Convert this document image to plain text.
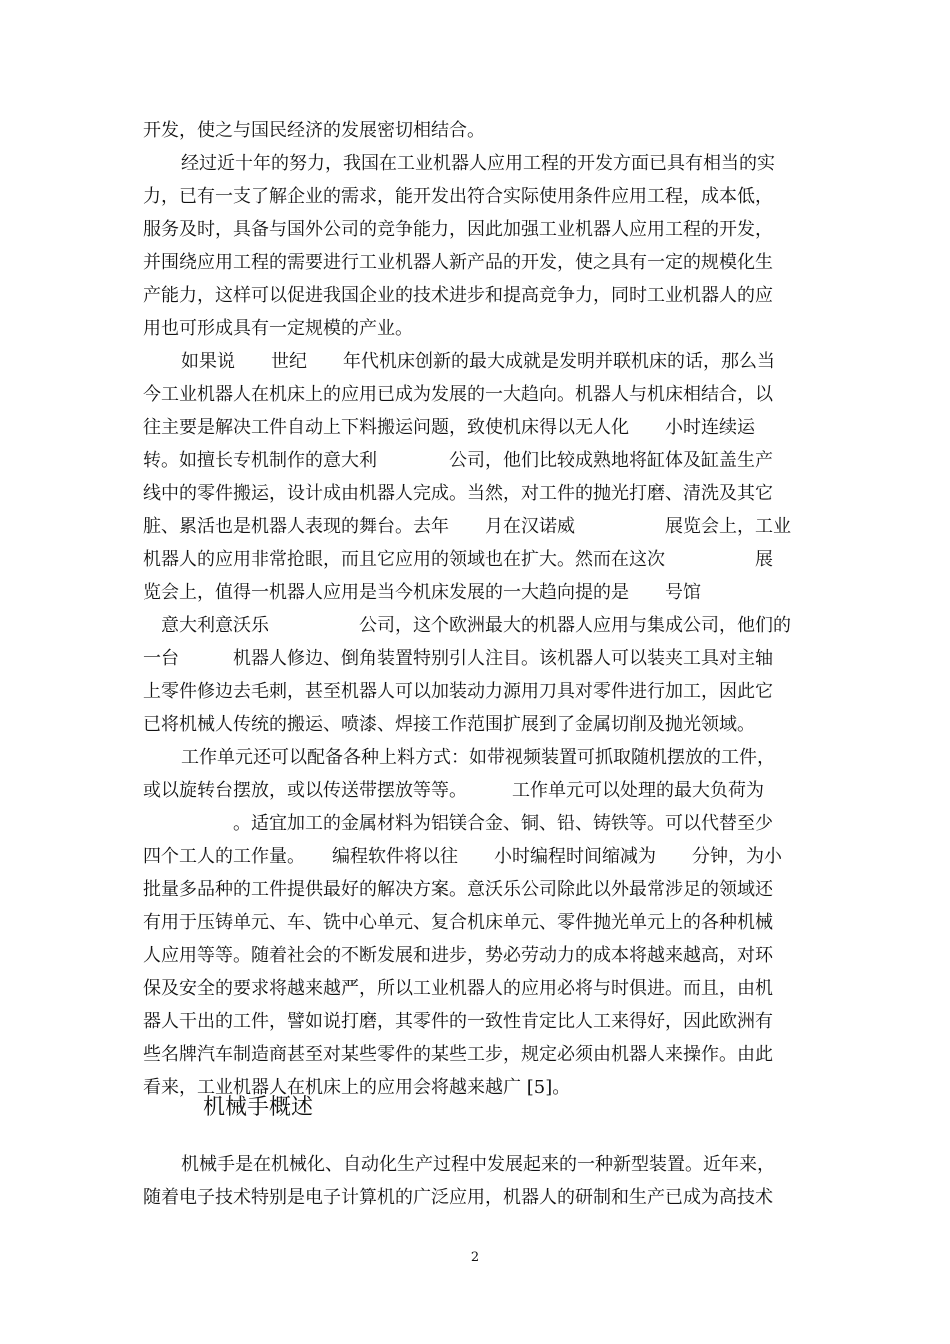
开发，使之与国民经济的发展密切相结合。
经过近十年的努力，我国在工业机器人应用工程的开发方面已具有相当的实
力，已有一支了解企业的需求，能开发出符合实际使用条件应用工程，成本低，
服务及时，具备与国外公司的竞争能力，因此加强工业机器人应用工程的开发，
并围绕应用工程的需要进行工业机器人新产品的开发，使之具有一定的规模化生
产能力，这样可以促进我国企业的技术进步和提高竞争力，同时工业机器人的应
用也可形成具有一定规模的产业。
如果说　　世纪　　年代机床创新的最大成就是发明并联机床的话，那么当
今工业机器人在机床上的应用已成为发展的一大趋向。机器人与机床相结合，以
往主要是解决工件自动上下料搬运问题，致使机床得以无人化　　小时连续运
转。如擅长专机制作的意大利　　　　公司，他们比较成熟地将缸体及缸盖生产
线中的零件搬运，设计成由机器人完成。当然，对工件的抛光打磨、清洗及其它
脏、累活也是机器人表现的舞台。去年　　月在汉诺威　　　　　展览会上，工业
机器人的应用非常抢眼，而且它应用的领域也在扩大。然而在这次　　　　　展
览会上，值得一机器人应用是当今机床发展的一大趋向提的是　　号馆
　意大利意沃乐　　　　　公司，这个欧洲最大的机器人应用与集成公司，他们的
一台　　　机器人修边、倒角装置特别引人注目。该机器人可以装夹工具对主轴
上零件修边去毛刺，甚至机器人可以加装动力源用刀具对零件进行加工，因此它
已将机械人传统的搬运、喷漆、焊接工作范围扩展到了金属切削及抛光领域。
工作单元还可以配备各种上料方式：如带视频装置可抓取随机摆放的工件，
或以旋转台摆放，或以传送带摆放等等。　　　工作单元可以处理的最大负荷为
　　　　　。适宜加工的金属材料为铝镁合金、铜、铅、铸铁等。可以代替至少
四个工人的工作量。　　编程软件将以往　　小时编程时间缩减为　　分钟，为小
批量多品种的工件提供最好的解决方案。意沃乐公司除此以外最常涉足的领域还
有用于压铸单元、车、铣中心单元、复合机床单元、零件抛光单元上的各种机械
人应用等等。随着社会的不断发展和进步，势必劳动力的成本将越来越高，对环
保及安全的要求将越来越严，所以工业机器人的应用必将与时俱进。而且，由机
器人干出的工件，譬如说打磨，其零件的一致性肯定比人工来得好，因此欧洲有
些名牌汽车制造商甚至对某些零件的某些工步，规定必须由机器人来操作。由此
看来，工业机器人在机床上的应用会将越来越广 [5]。
机械手概述
机械手是在机械化、自动化生产过程中发展起来的一种新型装置。近年来，
随着电子技术特别是电子计算机的广泛应用，机器人的研制和生产已成为高技术
2
